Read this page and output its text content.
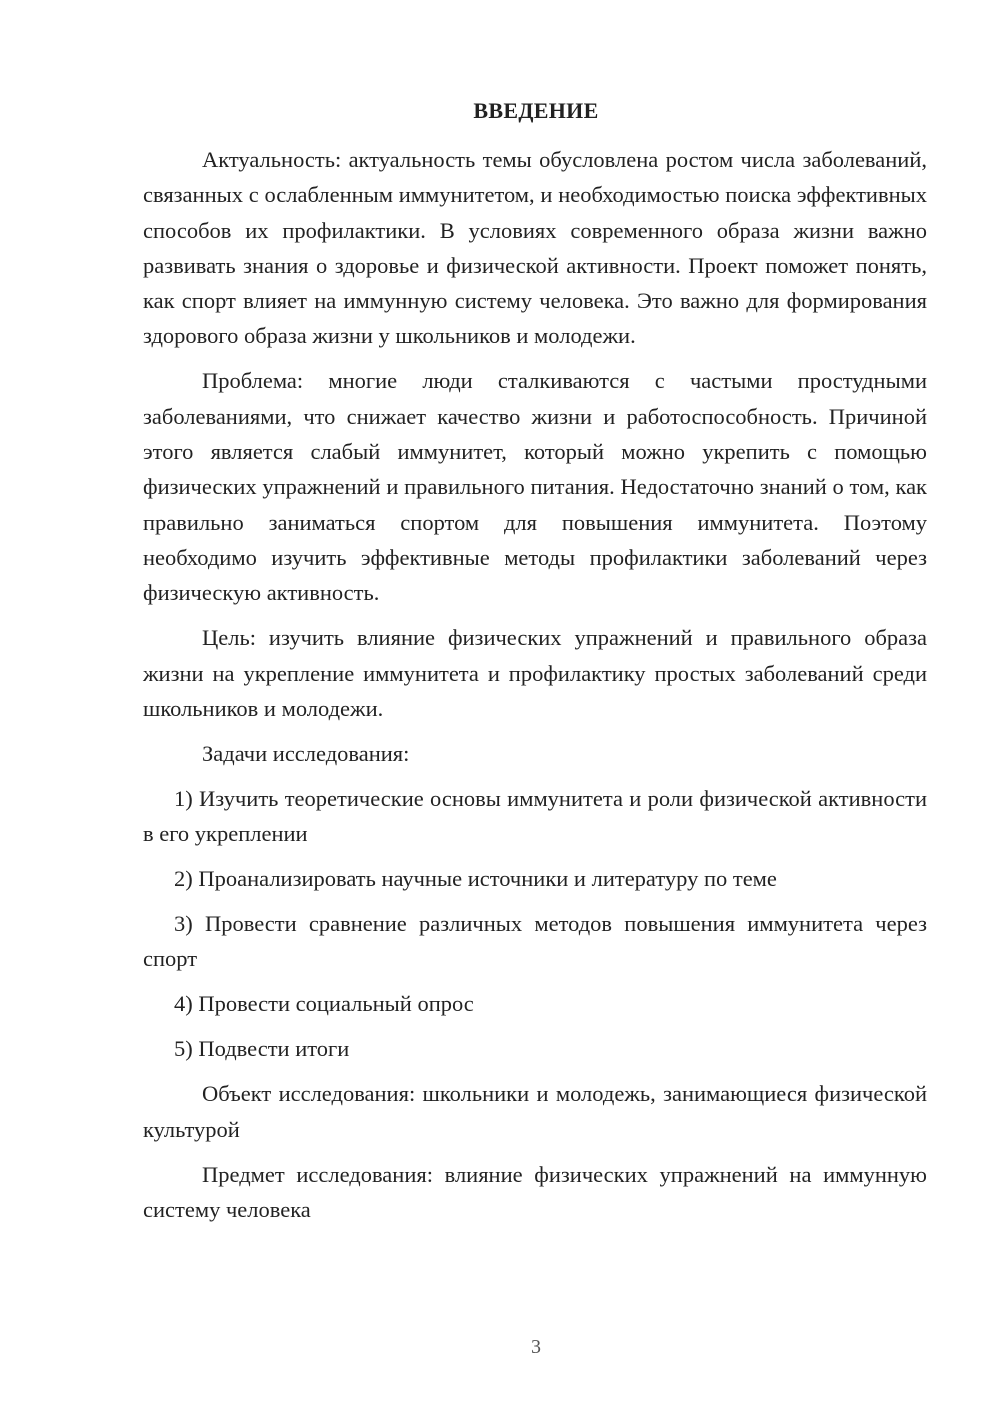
ВВЕДЕНИЕ

Актуальность: актуальность темы обусловлена ростом числа заболеваний, связанных с ослабленным иммунитетом, и необходимостью поиска эффективных способов их профилактики. В условиях современного образа жизни важно развивать знания о здоровье и физической активности. Проект поможет понять, как спорт влияет на иммунную систему человека. Это важно для формирования здорового образа жизни у школьников и молодежи.

Проблема: многие люди сталкиваются с частыми простудными заболеваниями, что снижает качество жизни и работоспособность. Причиной этого является слабый иммунитет, который можно укрепить с помощью физических упражнений и правильного питания. Недостаточно знаний о том, как правильно заниматься спортом для повышения иммунитета. Поэтому необходимо изучить эффективные методы профилактики заболеваний через физическую активность.

Цель: изучить влияние физических упражнений и правильного образа жизни на укрепление иммунитета и профилактику простых заболеваний среди школьников и молодежи.

Задачи исследования:

1) Изучить теоретические основы иммунитета и роли физической активности в его укреплении

2) Проанализировать научные источники и литературу по теме

3) Провести сравнение различных методов повышения иммунитета через спорт

4) Провести социальный опрос

5) Подвести итоги

Объект исследования: школьники и молодежь, занимающиеся физической культурой

Предмет исследования: влияние физических упражнений на иммунную систему человека

3
